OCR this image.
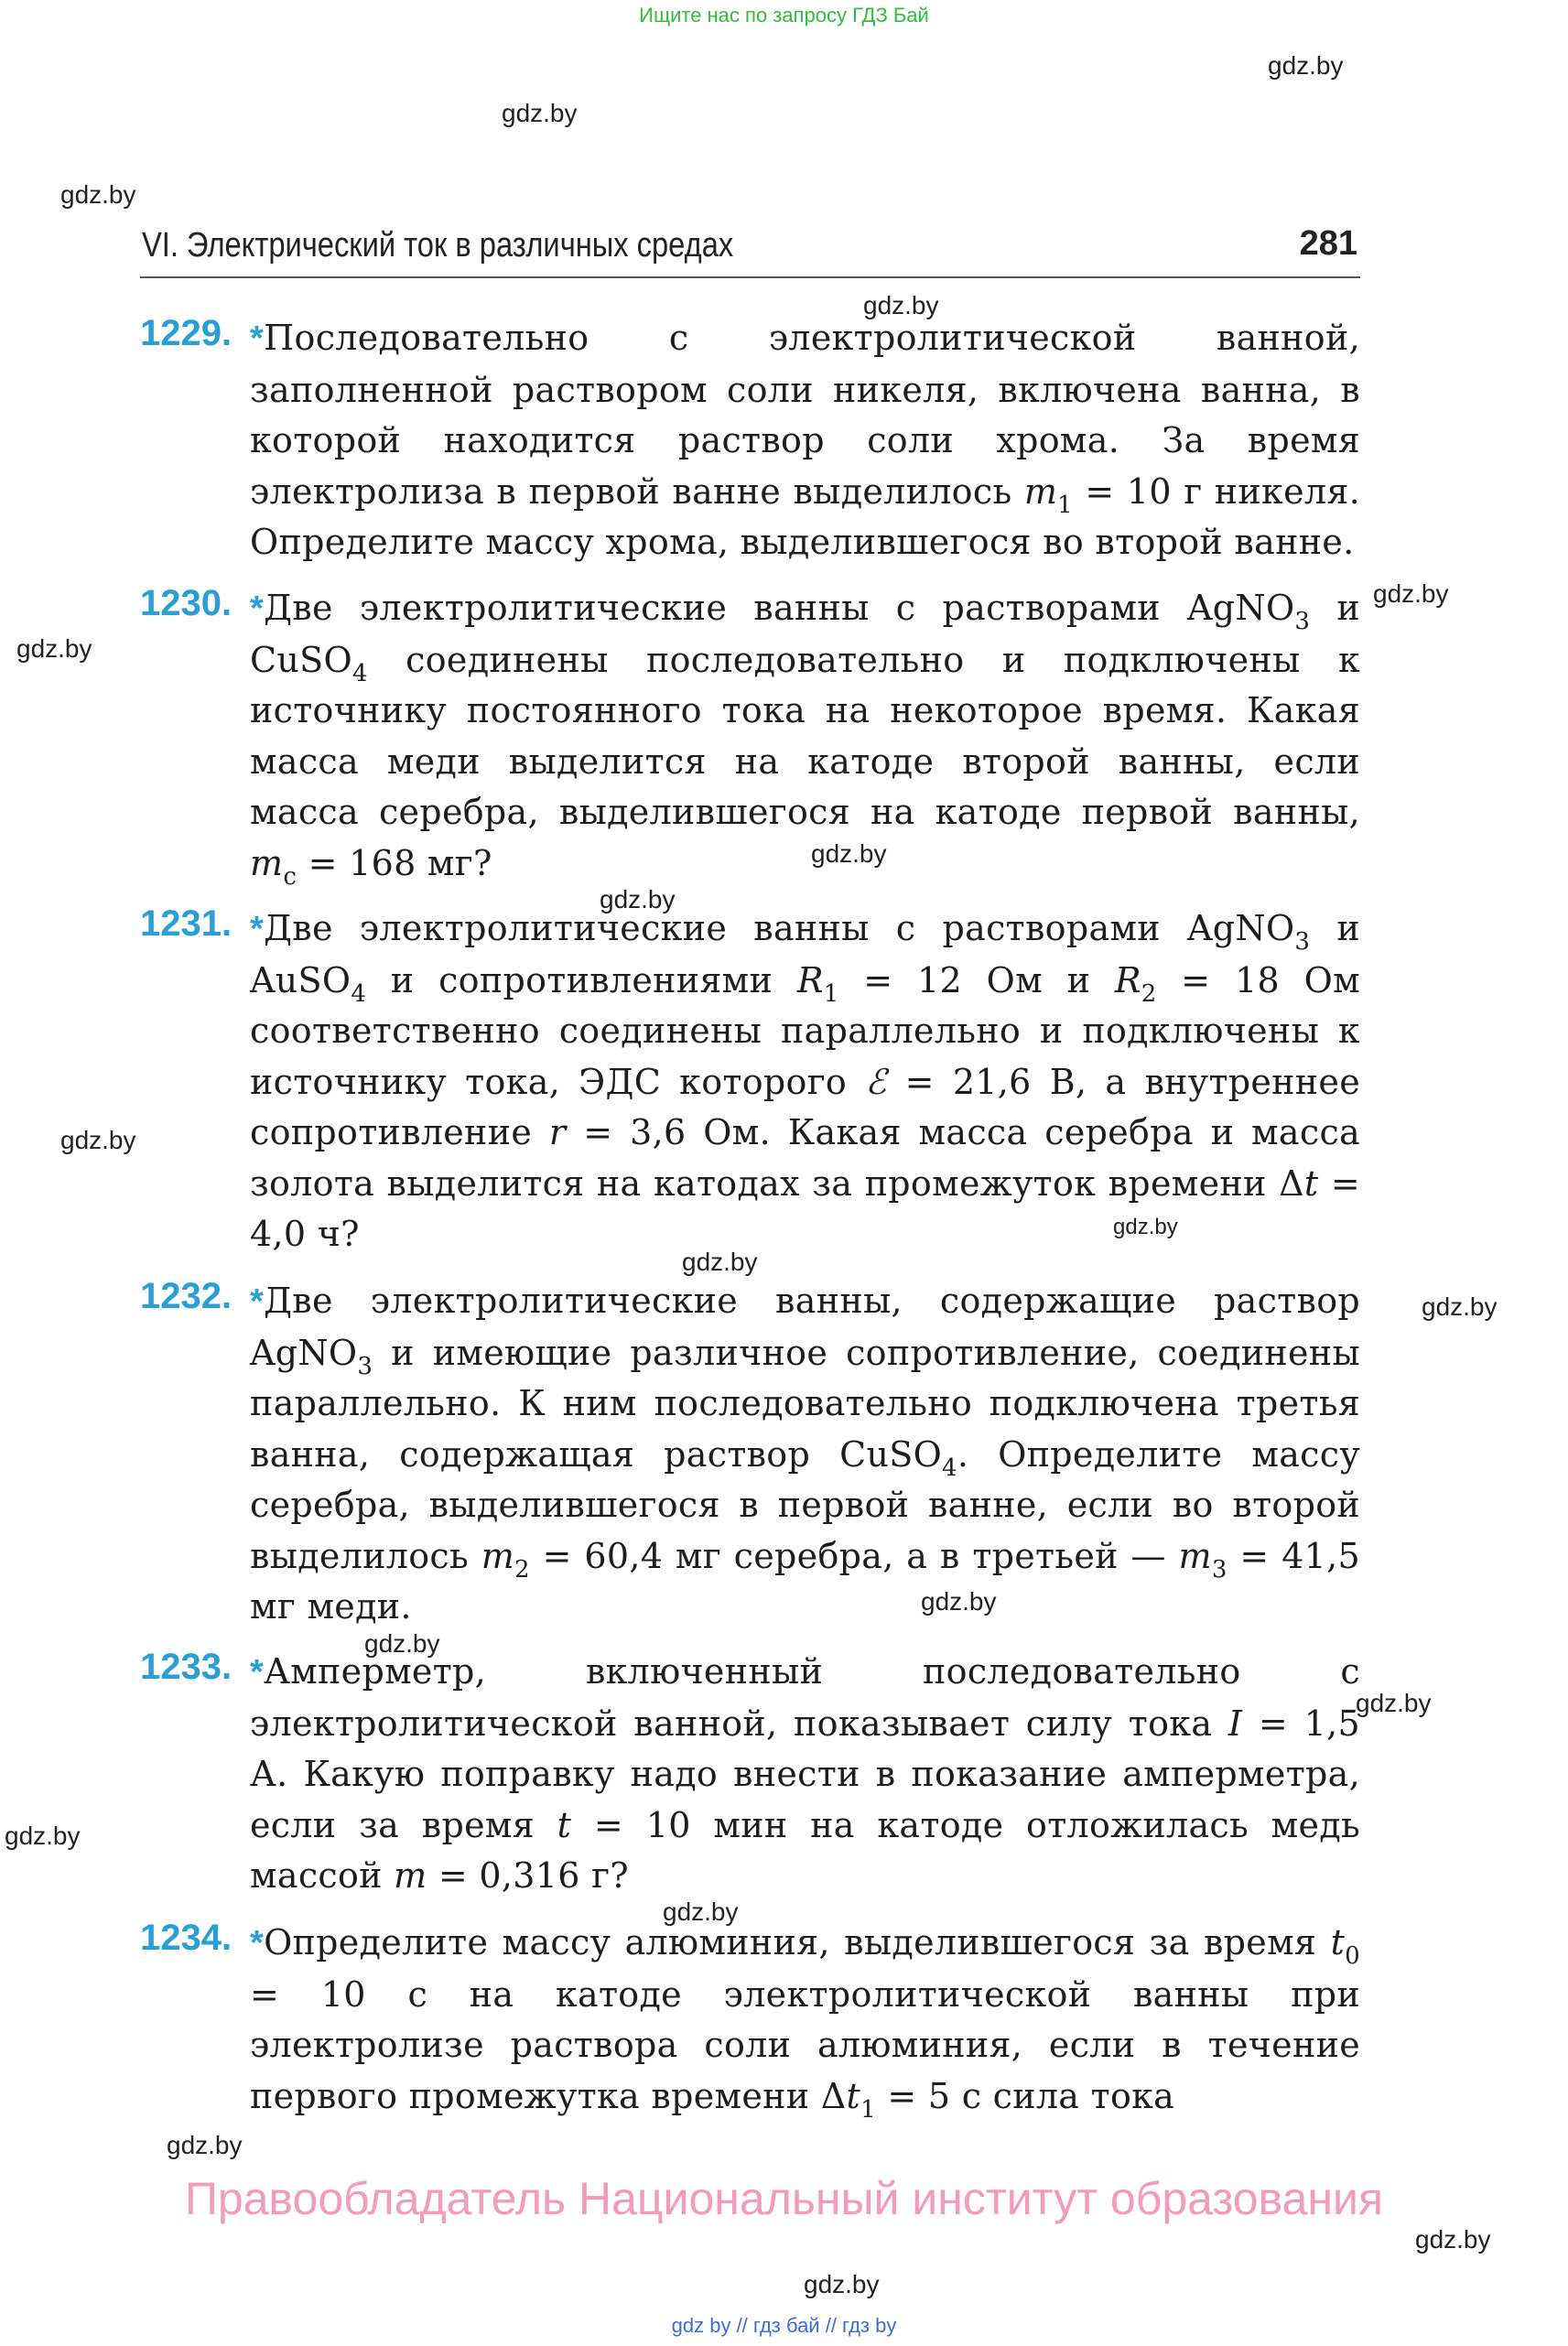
Ищите нас по запросу ГДЗ Бай
gdz.by
gdz.by
gdz.by
gdz.by
gdz.by
gdz.by
gdz.by
gdz.by
gdz.by
gdz.by
gdz.by
gdz.by
gdz.by
gdz.by
gdz.by
gdz.by
gdz.by
gdz.by
gdz.by
gdz.by
VI. Электрический ток в различных средах	281
1229. *Последовательно с электролитической ванной, заполненной раствором соли никеля, включена ванна, в которой находится раствор соли хрома. За время электролиза в первой ванне выделилось $m_1 = 10$ г никеля. Определите массу хрома, выделившегося во второй ванне.
1230. *Две электролитические ванны с растворами AgNO$_3$ и CuSO$_4$ соединены последовательно и подключены к источнику постоянного тока на некоторое время. Какая масса меди выделится на катоде второй ванны, если масса серебра, выделившегося на катоде первой ванны, $m_c = 168$ мг?
1231. *Две электролитические ванны с растворами AgNO$_3$ и AuSO$_4$ и сопротивлениями $R_1 = 12$ Ом и $R_2 = 18$ Ом соответственно соединены параллельно и подключены к источнику тока, ЭДС которого ℰ = 21,6 В, а внутреннее сопротивление r = 3,6 Ом. Какая масса серебра и масса золота выделится на катодах за промежуток времени Δt = 4,0 ч?
1232. *Две электролитические ванны, содержащие раствор AgNO$_3$ и имеющие различное сопротивление, соединены параллельно. К ним последовательно подключена третья ванна, содержащая раствор CuSO$_4$. Определите массу серебра, выделившегося в первой ванне, если во второй выделилось $m_2 = 60,4$ мг серебра, а в третьей — $m_3 = 41,5$ мг меди.
1233. *Амперметр, включенный последовательно с электролитической ванной, показывает силу тока I = 1,5 А. Какую поправку надо внести в показание амперметра, если за время t = 10 мин на катоде отложилась медь массой m = 0,316 г?
1234. *Определите массу алюминия, выделившегося за время $t_0 = 10$ с на катоде электролитической ванны при электролизе раствора соли алюминия, если в течение первого промежутка времени $\Delta t_1 = 5$ с сила тока
Правообладатель Национальный институт образования
gdz by // гдз бай // гдз by
